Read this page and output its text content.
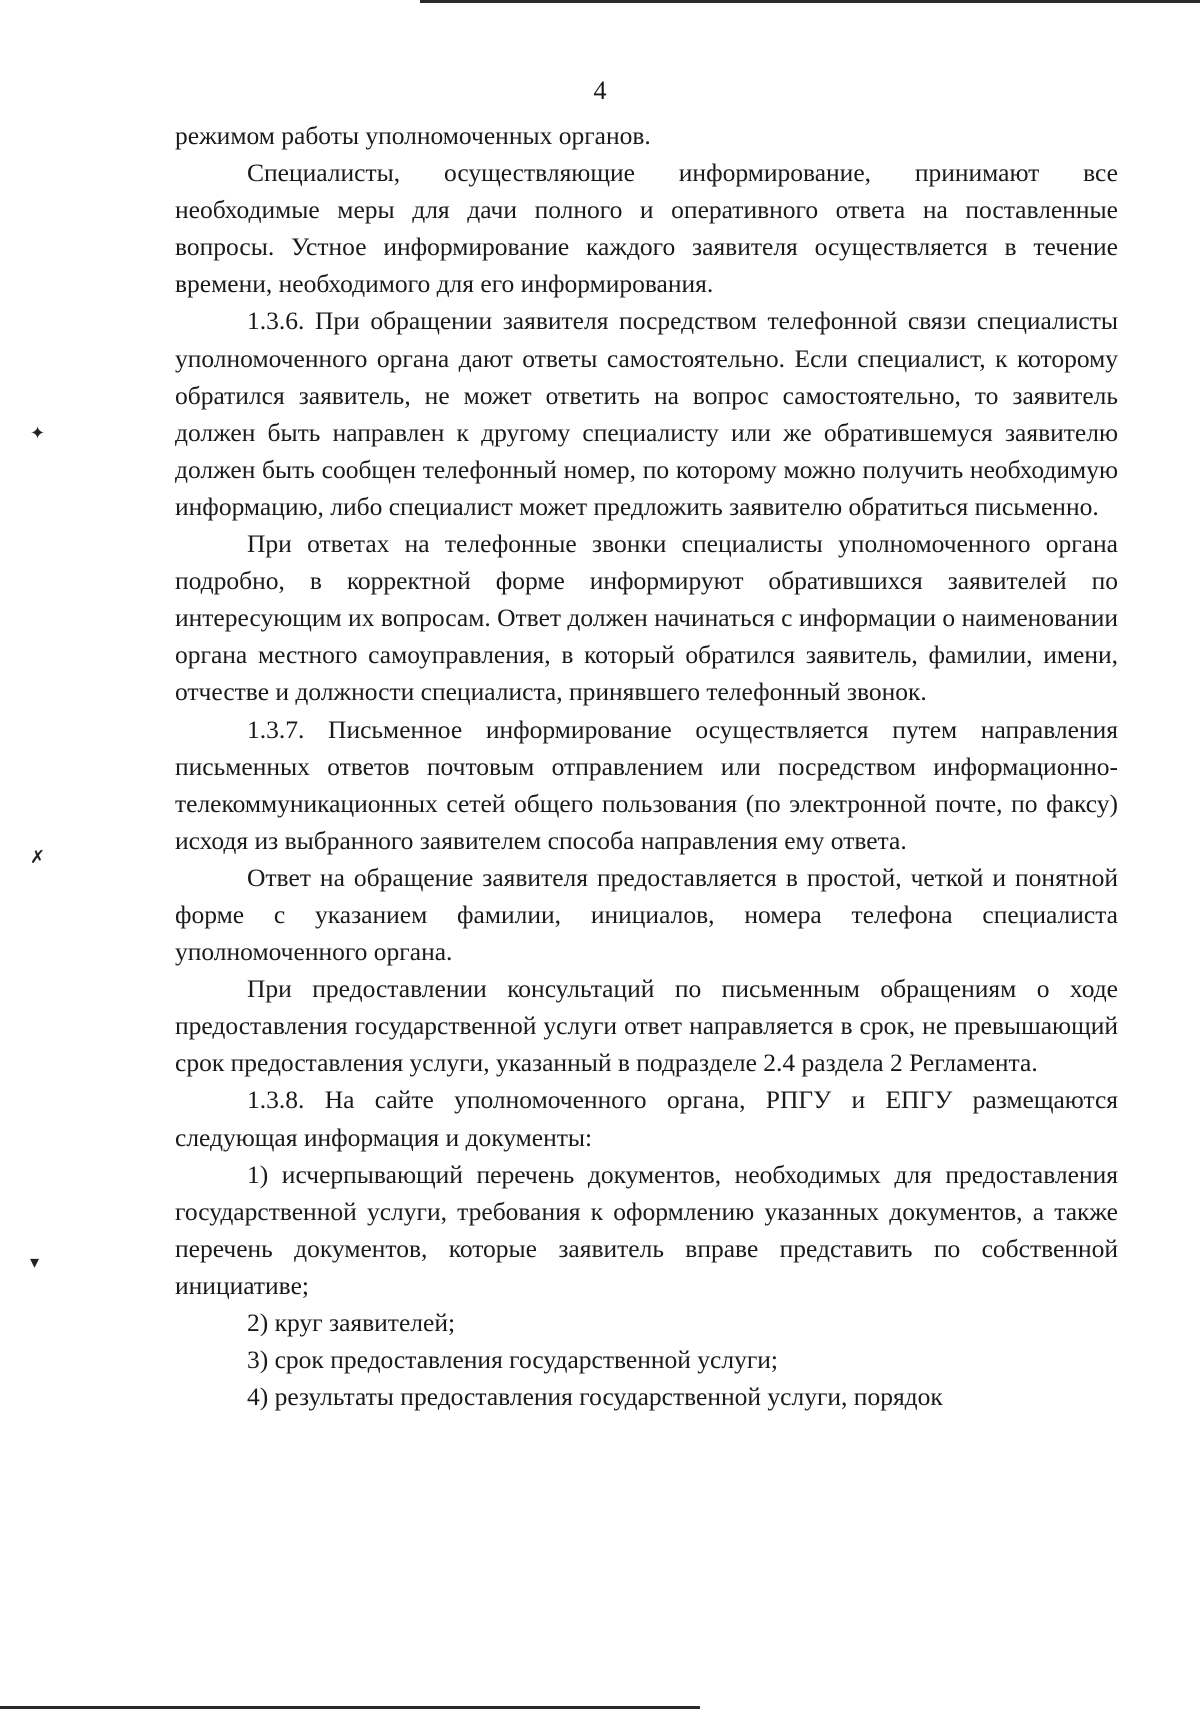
4

режимом работы уполномоченных органов.

Специалисты, осуществляющие информирование, принимают все необходимые меры для дачи полного и оперативного ответа на поставленные вопросы. Устное информирование каждого заявителя осуществляется в течение времени, необходимого для его информирования.

1.3.6. При обращении заявителя посредством телефонной связи специалисты уполномоченного органа дают ответы самостоятельно. Если специалист, к которому обратился заявитель, не может ответить на вопрос самостоятельно, то заявитель должен быть направлен к другому специалисту или же обратившемуся заявителю должен быть сообщен телефонный номер, по которому можно получить необходимую информацию, либо специалист может предложить заявителю обратиться письменно.

При ответах на телефонные звонки специалисты уполномоченного органа подробно, в корректной форме информируют обратившихся заявителей по интересующим их вопросам. Ответ должен начинаться с информации о наименовании органа местного самоуправления, в который обратился заявитель, фамилии, имени, отчестве и должности специалиста, принявшего телефонный звонок.

1.3.7. Письменное информирование осуществляется путем направления письменных ответов почтовым отправлением или посредством информационно-телекоммуникационных сетей общего пользования (по электронной почте, по факсу) исходя из выбранного заявителем способа направления ему ответа.

Ответ на обращение заявителя предоставляется в простой, четкой и понятной форме с указанием фамилии, инициалов, номера телефона специалиста уполномоченного органа.

При предоставлении консультаций по письменным обращениям о ходе предоставления государственной услуги ответ направляется в срок, не превышающий срок предоставления услуги, указанный в подразделе 2.4 раздела 2 Регламента.

1.3.8. На сайте уполномоченного органа, РПГУ и ЕПГУ размещаются следующая информация и документы:

1) исчерпывающий перечень документов, необходимых для предоставления государственной услуги, требования к оформлению указанных документов, а также перечень документов, которые заявитель вправе представить по собственной инициативе;

2) круг заявителей;

3) срок предоставления государственной услуги;

4) результаты предоставления государственной услуги, порядок

✦
✗
▾
